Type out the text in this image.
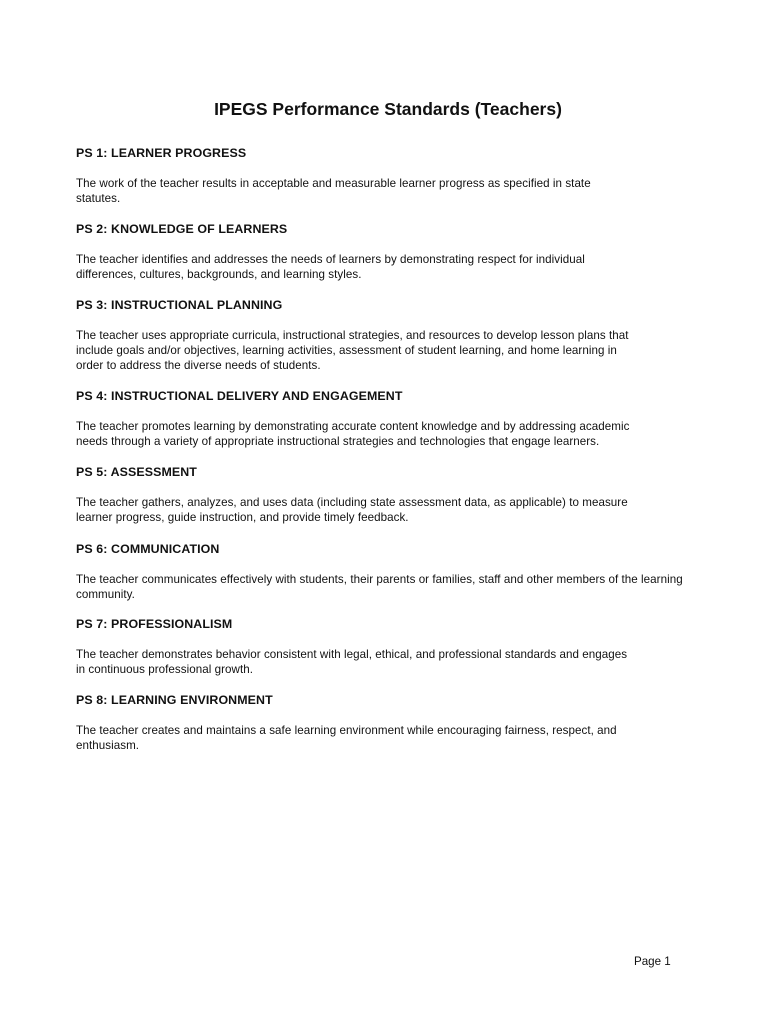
IPEGS Performance Standards (Teachers)
PS 1: LEARNER PROGRESS

The work of the teacher results in acceptable and measurable learner progress as specified in state statutes.

PS 2: KNOWLEDGE OF LEARNERS

The teacher identifies and addresses the needs of learners by demonstrating respect for individual differences, cultures, backgrounds, and learning styles.

PS 3: INSTRUCTIONAL PLANNING

The teacher uses appropriate curricula, instructional strategies, and resources to develop lesson plans that include goals and/or objectives, learning activities, assessment of student learning, and home learning in order to address the diverse needs of students.

PS 4: INSTRUCTIONAL DELIVERY AND ENGAGEMENT

The teacher promotes learning by demonstrating accurate content knowledge and by addressing academic needs through a variety of appropriate instructional strategies and technologies that engage learners.

PS 5: ASSESSMENT

The teacher gathers, analyzes, and uses data (including state assessment data, as applicable) to measure learner progress, guide instruction, and provide timely feedback.

PS 6: COMMUNICATION

The teacher communicates effectively with students, their parents or families, staff and other members of the learning community.

PS 7: PROFESSIONALISM

The teacher demonstrates behavior consistent with legal, ethical, and professional standards and engages in continuous professional growth.

PS 8: LEARNING ENVIRONMENT

The teacher creates and maintains a safe learning environment while encouraging fairness, respect, and enthusiasm.

Page 1
